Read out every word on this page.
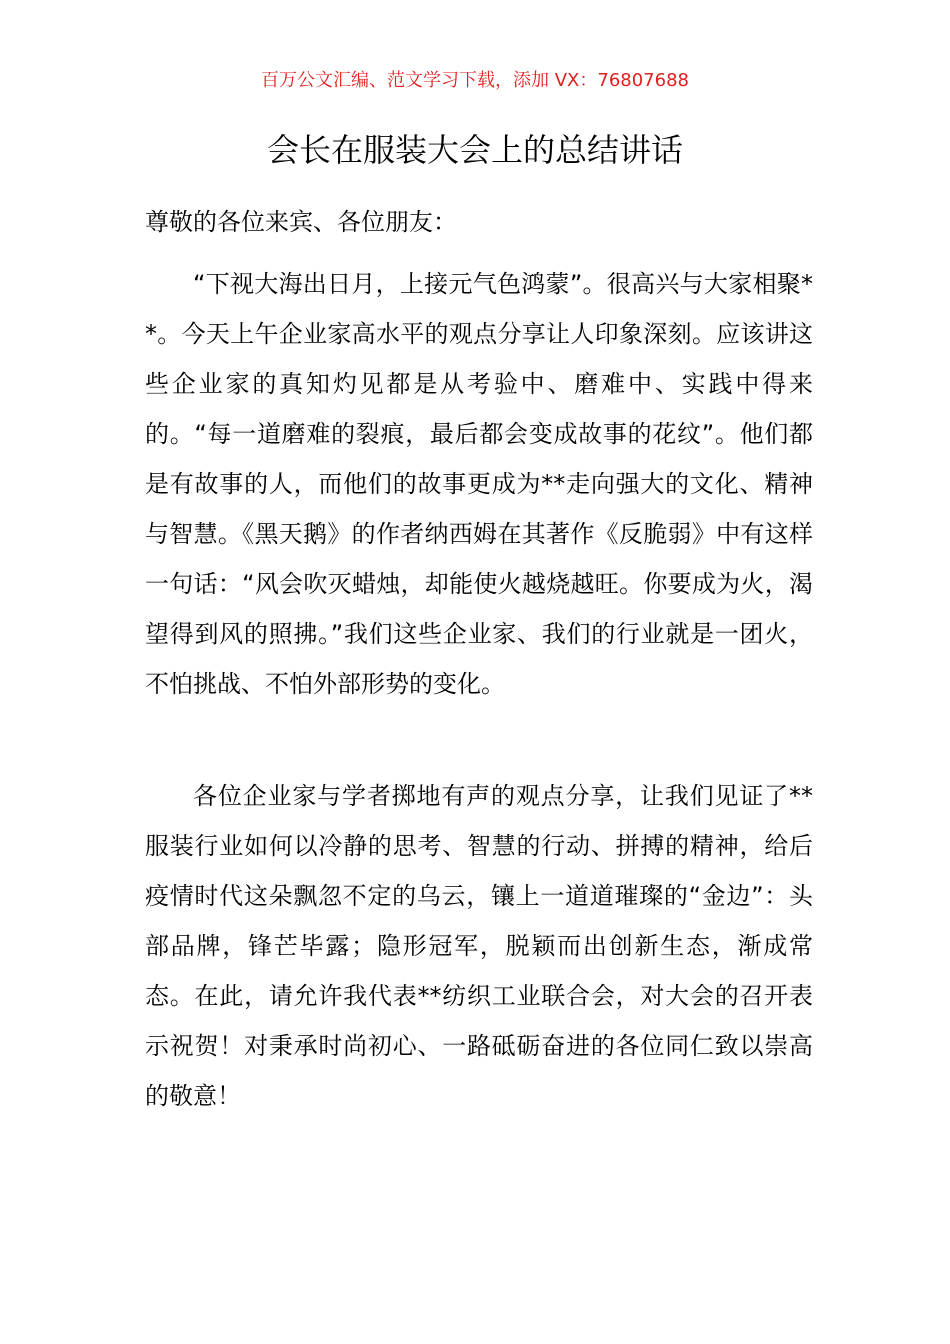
百万公文汇编、范文学习下载，添加 VX：76807688
会长在服装大会上的总结讲话
尊敬的各位来宾、各位朋友：
“下视大海出日月，上接元气色鸿蒙”。很高兴与大家相聚**。今天上午企业家高水平的观点分享让人印象深刻。应该讲这些企业家的真知灼见都是从考验中、磨难中、实践中得来的。“每一道磨难的裂痕，最后都会变成故事的花纹”。他们都是有故事的人，而他们的故事更成为**走向强大的文化、精神与智慧。《黑天鹅》的作者纳西姆在其著作《反脆弱》中有这样一句话：“风会吹灭蜡烛，却能使火越烧越旺。你要成为火，渴望得到风的照拂。”我们这些企业家、我们的行业就是一团火，不怕挑战、不怕外部形势的变化。
各位企业家与学者掷地有声的观点分享，让我们见证了**服装行业如何以冷静的思考、智慧的行动、拼搏的精神，给后疫情时代这朵飘忽不定的乌云，镶上一道道璀璨的“金边”：头部品牌，锋芒毕露；隐形冠军，脱颖而出创新生态，渐成常态。在此，请允许我代表**纺织工业联合会，对大会的召开表示祝贺！对秉承时尚初心、一路砥砺奋进的各位同仁致以崇高的敬意！
